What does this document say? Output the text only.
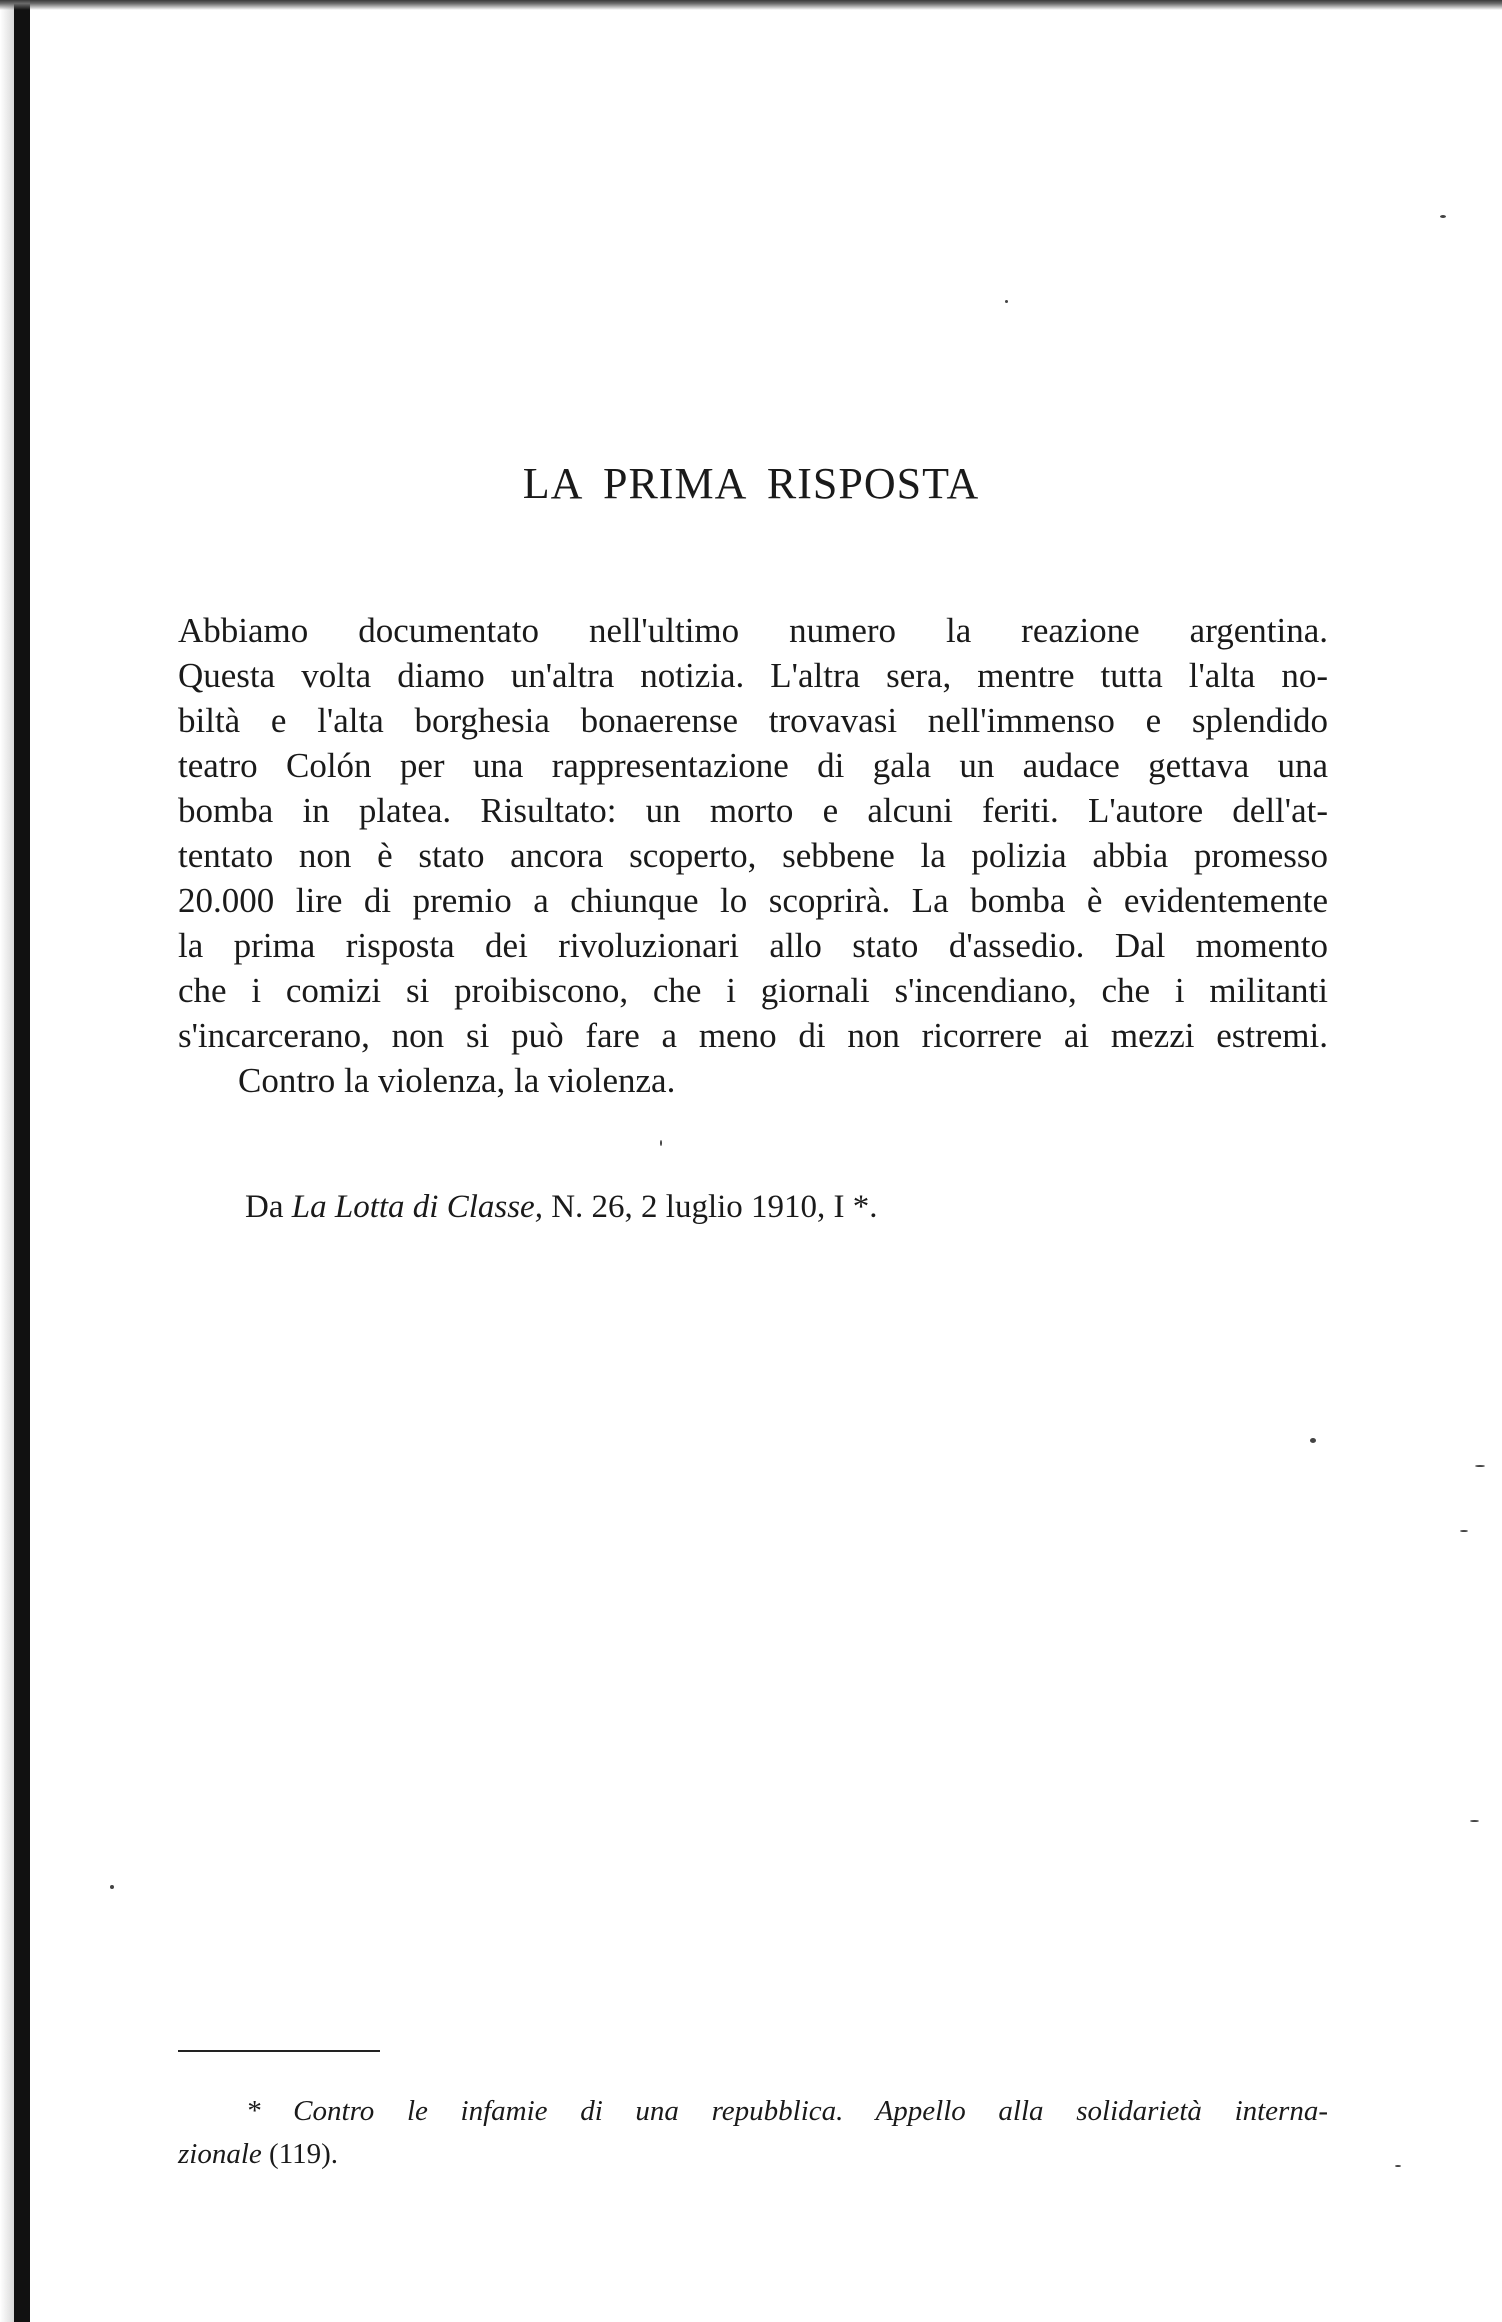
LA PRIMA RISPOSTA
Abbiamo documentato nell'ultimo numero la reazione argentina.
Questa volta diamo un'altra notizia. L'altra sera, mentre tutta l'alta no-
biltà e l'alta borghesia bonaerense trovavasi nell'immenso e splendido
teatro Colón per una rappresentazione di gala un audace gettava una
bomba in platea. Risultato: un morto e alcuni feriti. L'autore dell'at-
tentato non è stato ancora scoperto, sebbene la polizia abbia promesso
20.000 lire di premio a chiunque lo scoprirà. La bomba è evidentemente
la prima risposta dei rivoluzionari allo stato d'assedio. Dal momento
che i comizi si proibiscono, che i giornali s'incendiano, che i militanti
s'incarcerano, non si può fare a meno di non ricorrere ai mezzi estremi.
Contro la violenza, la violenza.
Da La Lotta di Classe, N. 26, 2 luglio 1910, I *.
* Contro le infamie di una repubblica. Appello alla solidarietà interna-
zionale (119).
